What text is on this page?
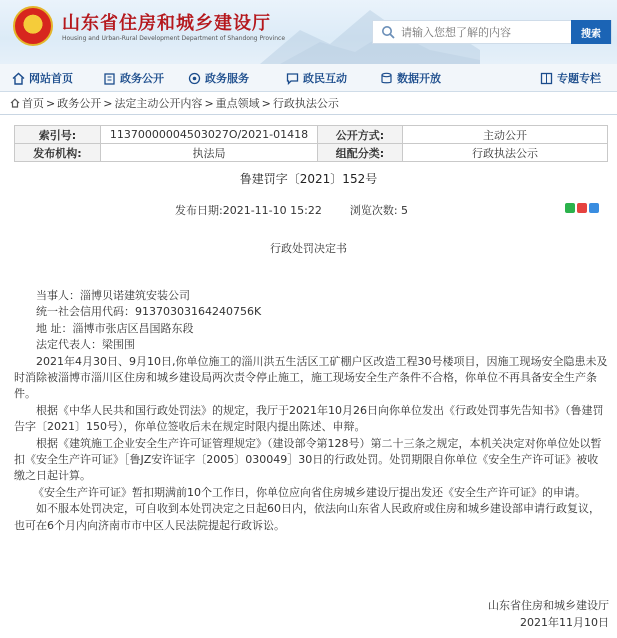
山东省住房和城乡建设厅
Housing and Urban-Rural Development Department of Shandong Province
请输入您想了解的内容	搜索
网站首页	政务公开	政务服务	政民互动	数据开放	专题专栏
首页 > 政务公开 > 法定主动公开内容 > 重点领域 > 行政执法公示
索引号:	11370000004503027O/2021-01418	公开方式:	主动公开
发布机构:	执法局	组配分类:	行政执法公示
鲁建罚字〔2021〕152号
发布日期:2021-11-10 15:22	浏览次数: 5
行政处罚决定书

当事人：淄博贝诺建筑安装公司

统一社会信用代码：91370303164240756K

地 址：淄博市张店区昌国路东段

法定代表人：梁围围

2021年4月30日、9月10日,你单位施工的淄川洪五生活区工矿棚户区改造工程30号楼项目，因施工现场安全隐患未及时消除被淄博市淄川区住房和城乡建设局两次责令停止施工，施工现场安全生产条件不合格，你单位不再具备安全生产条件。

根据《中华人民共和国行政处罚法》的规定，我厅于2021年10月26日向你单位发出《行政处罚事先告知书》（鲁建罚告字〔2021〕150号），你单位签收后未在规定时限内提出陈述、申辩。

根据《建筑施工企业安全生产许可证管理规定》（建设部令第128号）第二十三条之规定，本机关决定对你单位处以暂扣《安全生产许可证》［鲁JZ安许证字〔2005〕030049］30日的行政处罚。处罚期限自你单位《安全生产许可证》被收缴之日起计算。

《安全生产许可证》暂扣期满前10个工作日，你单位应向省住房城乡建设厅提出发还《安全生产许可证》的申请。

如不服本处罚决定，可自收到本处罚决定之日起60日内，依法向山东省人民政府或住房和城乡建设部申请行政复议，也可在6个月内向济南市市中区人民法院提起行政诉讼。

山东省住房和城乡建设厅
2021年11月10日
